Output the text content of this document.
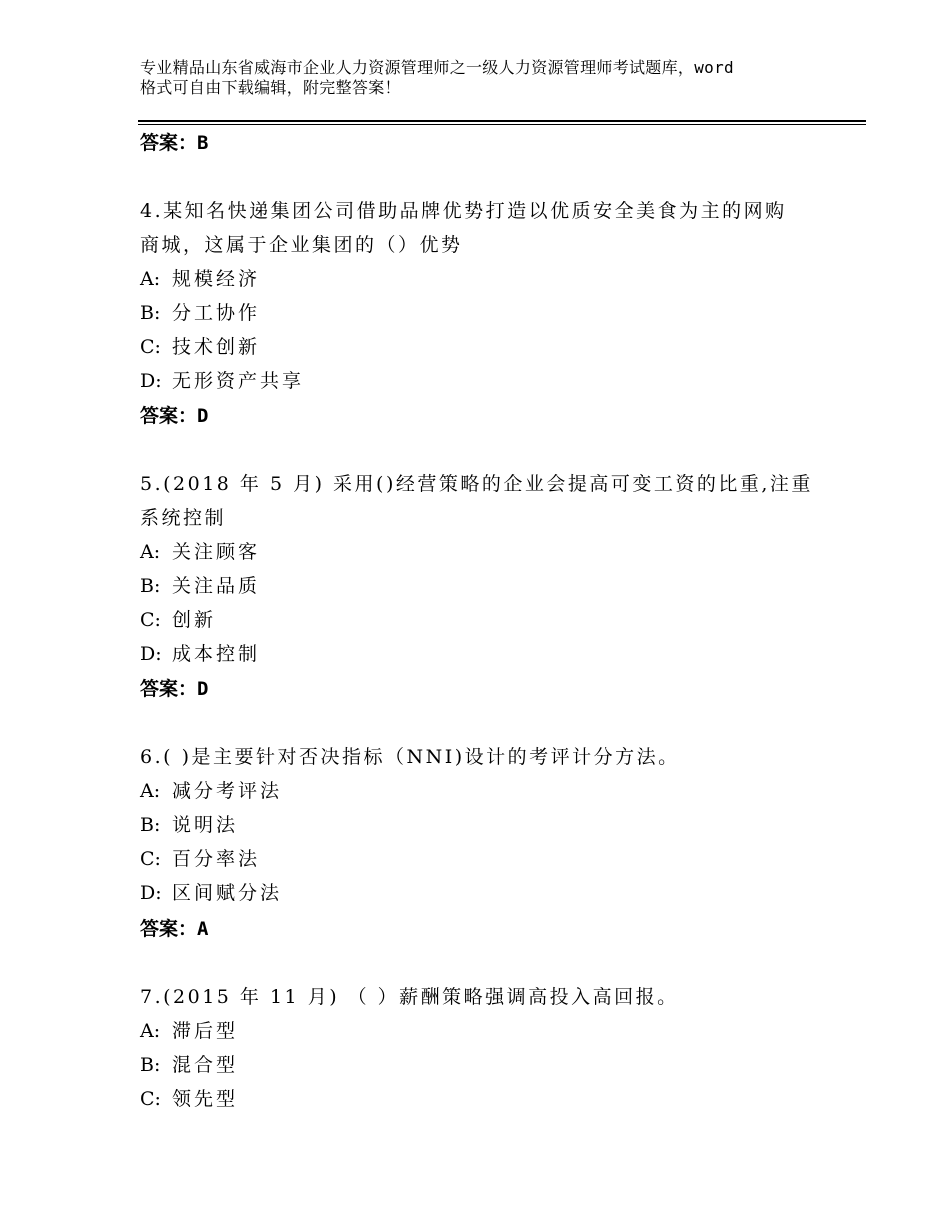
专业精品山东省威海市企业人力资源管理师之一级人力资源管理师考试题库，word
格式可自由下载编辑，附完整答案！
答案：B
4.某知名快递集团公司借助品牌优势打造以优质安全美食为主的网购
商城，这属于企业集团的（）优势
A: 规模经济
B: 分工协作
C: 技术创新
D: 无形资产共享
答案：D
5.(2018 年 5 月) 采用()经营策略的企业会提高可变工资的比重,注重
系统控制
A: 关注顾客
B: 关注品质
C: 创新
D: 成本控制
答案：D
6.( )是主要针对否决指标（NNI)设计的考评计分方法。
A: 减分考评法
B: 说明法
C: 百分率法
D: 区间赋分法
答案：A
7.(2015 年 11 月) （ ）薪酬策略强调高投入高回报。
A: 滞后型
B: 混合型
C: 领先型
